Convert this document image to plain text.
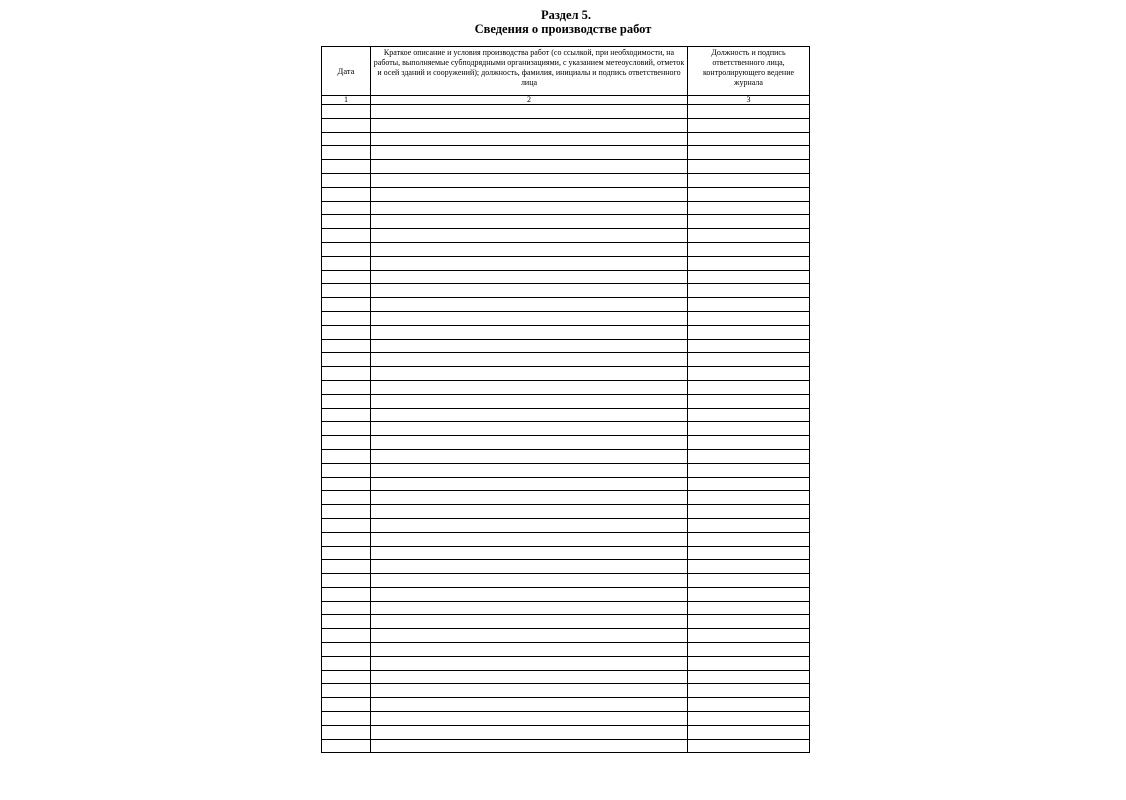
Раздел 5.
Сведения о производстве работ
Дата	Краткое описание и условия производства работ (со ссылкой, при необходимости, на работы, выполняемые субподрядными организациями, с указанием метеоусловий, отметок и осей зданий и сооружений); должность, фамилия, инициалы и подпись ответственного лица	Должность и подпись ответственного лица, контролирующего ведение журнала
1	2	3
